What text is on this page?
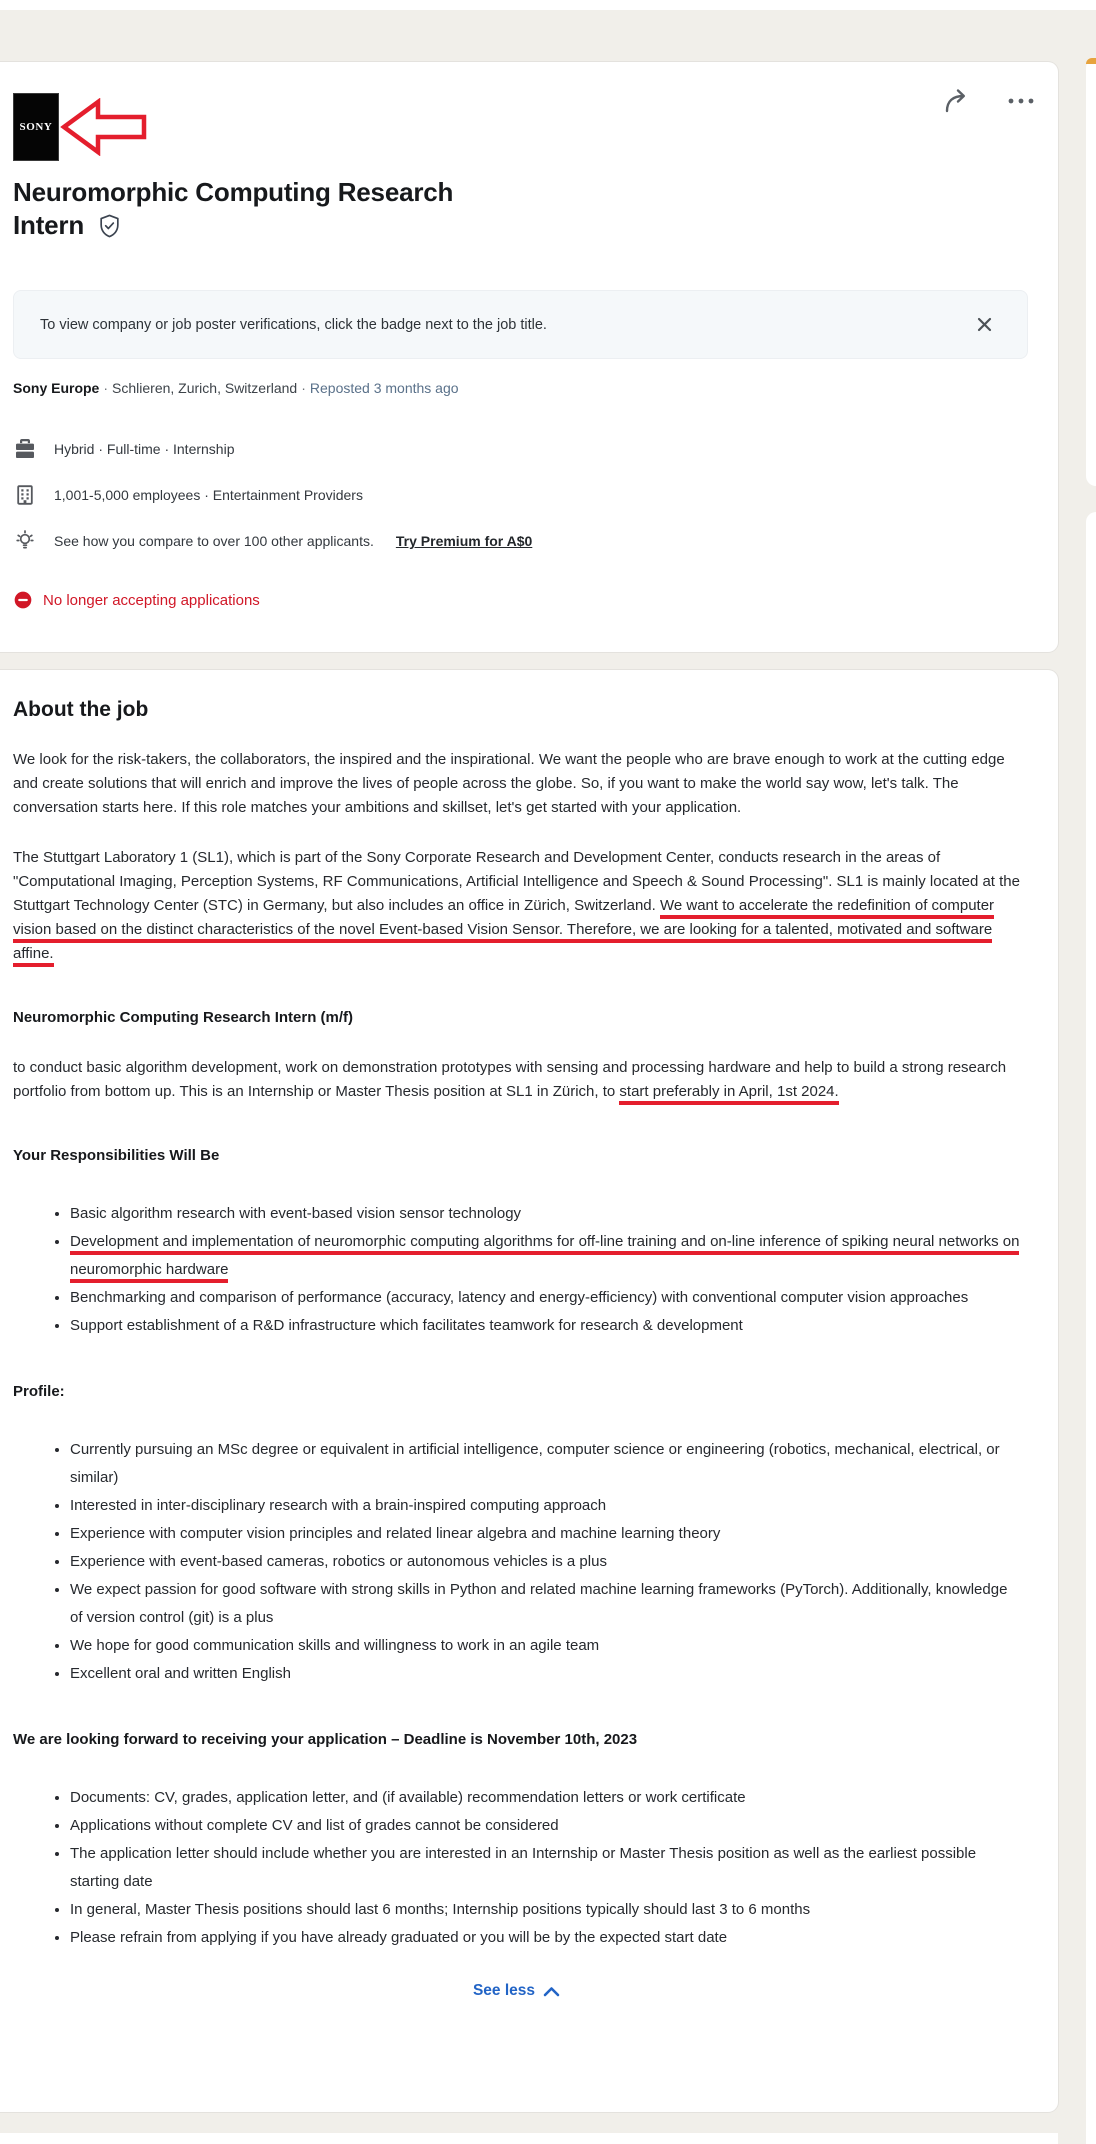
SONY
Neuromorphic Computing Research
Intern
To view company or job poster verifications, click the badge next to the job title.
Sony Europe · Schlieren, Zurich, Switzerland · Reposted 3 months ago
Hybrid · Full-time · Internship
1,001-5,000 employees · Entertainment Providers
See how you compare to over 100 other applicants. Try Premium for A$0
No longer accepting applications
About the job

We look for the risk-takers, the collaborators, the inspired and the inspirational. We want the people who are brave enough to work at the cutting edge and create solutions that will enrich and improve the lives of people across the globe. So, if you want to make the world say wow, let's talk. The conversation starts here. If this role matches your ambitions and skillset, let's get started with your application.

The Stuttgart Laboratory 1 (SL1), which is part of the Sony Corporate Research and Development Center, conducts research in the areas of "Computational Imaging, Perception Systems, RF Communications, Artificial Intelligence and Speech & Sound Processing". SL1 is mainly located at the Stuttgart Technology Center (STC) in Germany, but also includes an office in Zürich, Switzerland. We want to accelerate the redefinition of computer vision based on the distinct characteristics of the novel Event-based Vision Sensor. Therefore, we are looking for a talented, motivated and software affine.

Neuromorphic Computing Research Intern (m/f)

to conduct basic algorithm development, work on demonstration prototypes with sensing and processing hardware and help to build a strong research portfolio from bottom up. This is an Internship or Master Thesis position at SL1 in Zürich, to start preferably in April, 1st 2024.

Your Responsibilities Will Be
• Basic algorithm research with event-based vision sensor technology
• Development and implementation of neuromorphic computing algorithms for off-line training and on-line inference of spiking neural networks on neuromorphic hardware
• Benchmarking and comparison of performance (accuracy, latency and energy-efficiency) with conventional computer vision approaches
• Support establishment of a R&D infrastructure which facilitates teamwork for research & development
Profile:
• Currently pursuing an MSc degree or equivalent in artificial intelligence, computer science or engineering (robotics, mechanical, electrical, or similar)
• Interested in inter-disciplinary research with a brain-inspired computing approach
• Experience with computer vision principles and related linear algebra and machine learning theory
• Experience with event-based cameras, robotics or autonomous vehicles is a plus
• We expect passion for good software with strong skills in Python and related machine learning frameworks (PyTorch). Additionally, knowledge of version control (git) is a plus
• We hope for good communication skills and willingness to work in an agile team
• Excellent oral and written English
We are looking forward to receiving your application – Deadline is November 10th, 2023
• Documents: CV, grades, application letter, and (if available) recommendation letters or work certificate
• Applications without complete CV and list of grades cannot be considered
• The application letter should include whether you are interested in an Internship or Master Thesis position as well as the earliest possible starting date
• In general, Master Thesis positions should last 6 months; Internship positions typically should last 3 to 6 months
• Please refrain from applying if you have already graduated or you will be by the expected start date
See less
